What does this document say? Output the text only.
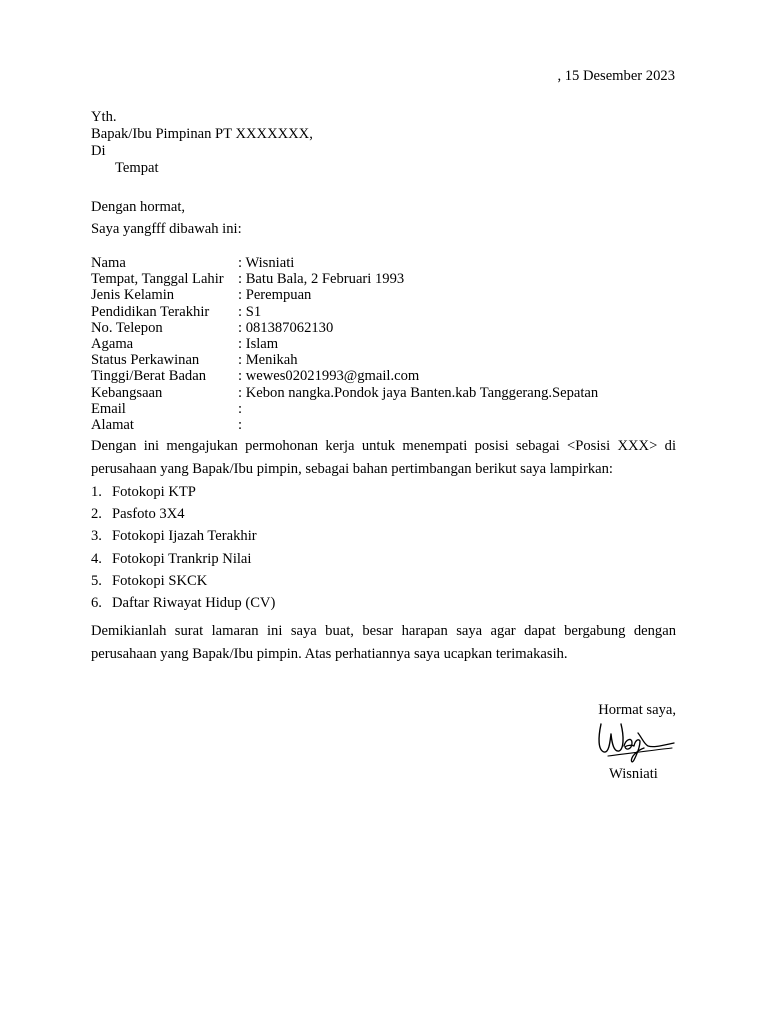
, 15 Desember 2023
Yth.
Bapak/Ibu Pimpinan PT XXXXXXX,
Di
Tempat
Dengan hormat,
Saya yangfff dibawah ini:
Nama	: Wisniati
Tempat, Tanggal Lahir : Batu Bala, 2 Februari 1993
Jenis Kelamin	: Perempuan
Pendidikan Terakhir	: S1
No. Telepon	: 081387062130
Agama	: Islam
Status Perkawinan	: Menikah
Tinggi/Berat Badan	: wewes02021993@gmail.com
Kebangsaan	: Kebon nangka.Pondok jaya Banten.kab Tanggerang.Sepatan
Email	:
Alamat	:
Dengan ini mengajukan permohonan kerja untuk menempati posisi sebagai <Posisi XXX> di perusahaan yang Bapak/Ibu pimpin, sebagai bahan pertimbangan berikut saya lampirkan:
1. Fotokopi KTP
2. Pasfoto 3X4
3. Fotokopi Ijazah Terakhir
4. Fotokopi Trankrip Nilai
5. Fotokopi SKCK
6. Daftar Riwayat Hidup (CV)
Demikianlah surat lamaran ini saya buat, besar harapan saya agar dapat bergabung dengan perusahaan yang Bapak/Ibu pimpin. Atas perhatiannya saya ucapkan terimakasih.
Hormat saya,
Wisniati
